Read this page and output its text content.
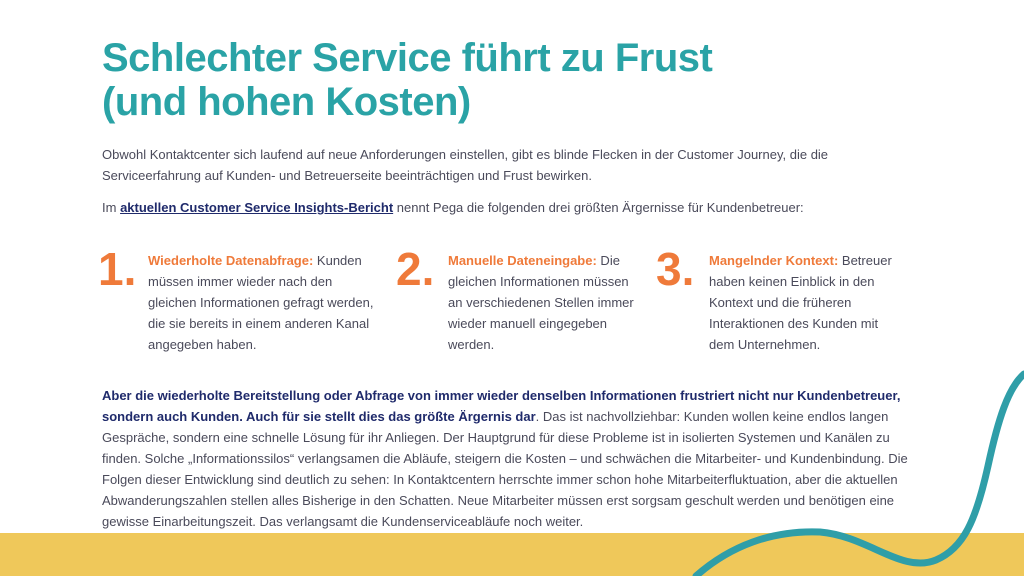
Schlechter Service führt zu Frust
(und hohen Kosten)

Obwohl Kontaktcenter sich laufend auf neue Anforderungen einstellen, gibt es blinde Flecken in der Customer Journey, die die Serviceerfahrung auf Kunden- und Betreuerseite beeinträchtigen und Frust bewirken.

Im aktuellen Customer Service Insights-Bericht nennt Pega die folgenden drei größten Ärgernisse für Kundenbetreuer:

1. Wiederholte Datenabfrage: Kunden müssen immer wieder nach den gleichen Informationen gefragt werden, die sie bereits in einem anderen Kanal angegeben haben.
2. Manuelle Dateneingabe: Die gleichen Informationen müssen an verschiedenen Stellen immer wieder manuell eingegeben werden.
3. Mangelnder Kontext: Betreuer haben keinen Einblick in den Kontext und die früheren Interaktionen des Kunden mit dem Unternehmen.

Aber die wiederholte Bereitstellung oder Abfrage von immer wieder denselben Informationen frustriert nicht nur Kundenbetreuer, sondern auch Kunden. Auch für sie stellt dies das größte Ärgernis dar. Das ist nachvollziehbar: Kunden wollen keine endlos langen Gespräche, sondern eine schnelle Lösung für ihr Anliegen. Der Hauptgrund für diese Probleme ist in isolierten Systemen und Kanälen zu finden. Solche „Informationssilos“ verlangsamen die Abläufe, steigern die Kosten – und schwächen die Mitarbeiter- und Kundenbindung. Die Folgen dieser Entwicklung sind deutlich zu sehen: In Kontaktcentern herrschte immer schon hohe Mitarbeiterfluktuation, aber die aktuellen Abwanderungszahlen stellen alles Bisherige in den Schatten. Neue Mitarbeiter müssen erst sorgsam geschult werden und benötigen eine gewisse Einarbeitungszeit. Das verlangsamt die Kundenserviceabläufe noch weiter.
